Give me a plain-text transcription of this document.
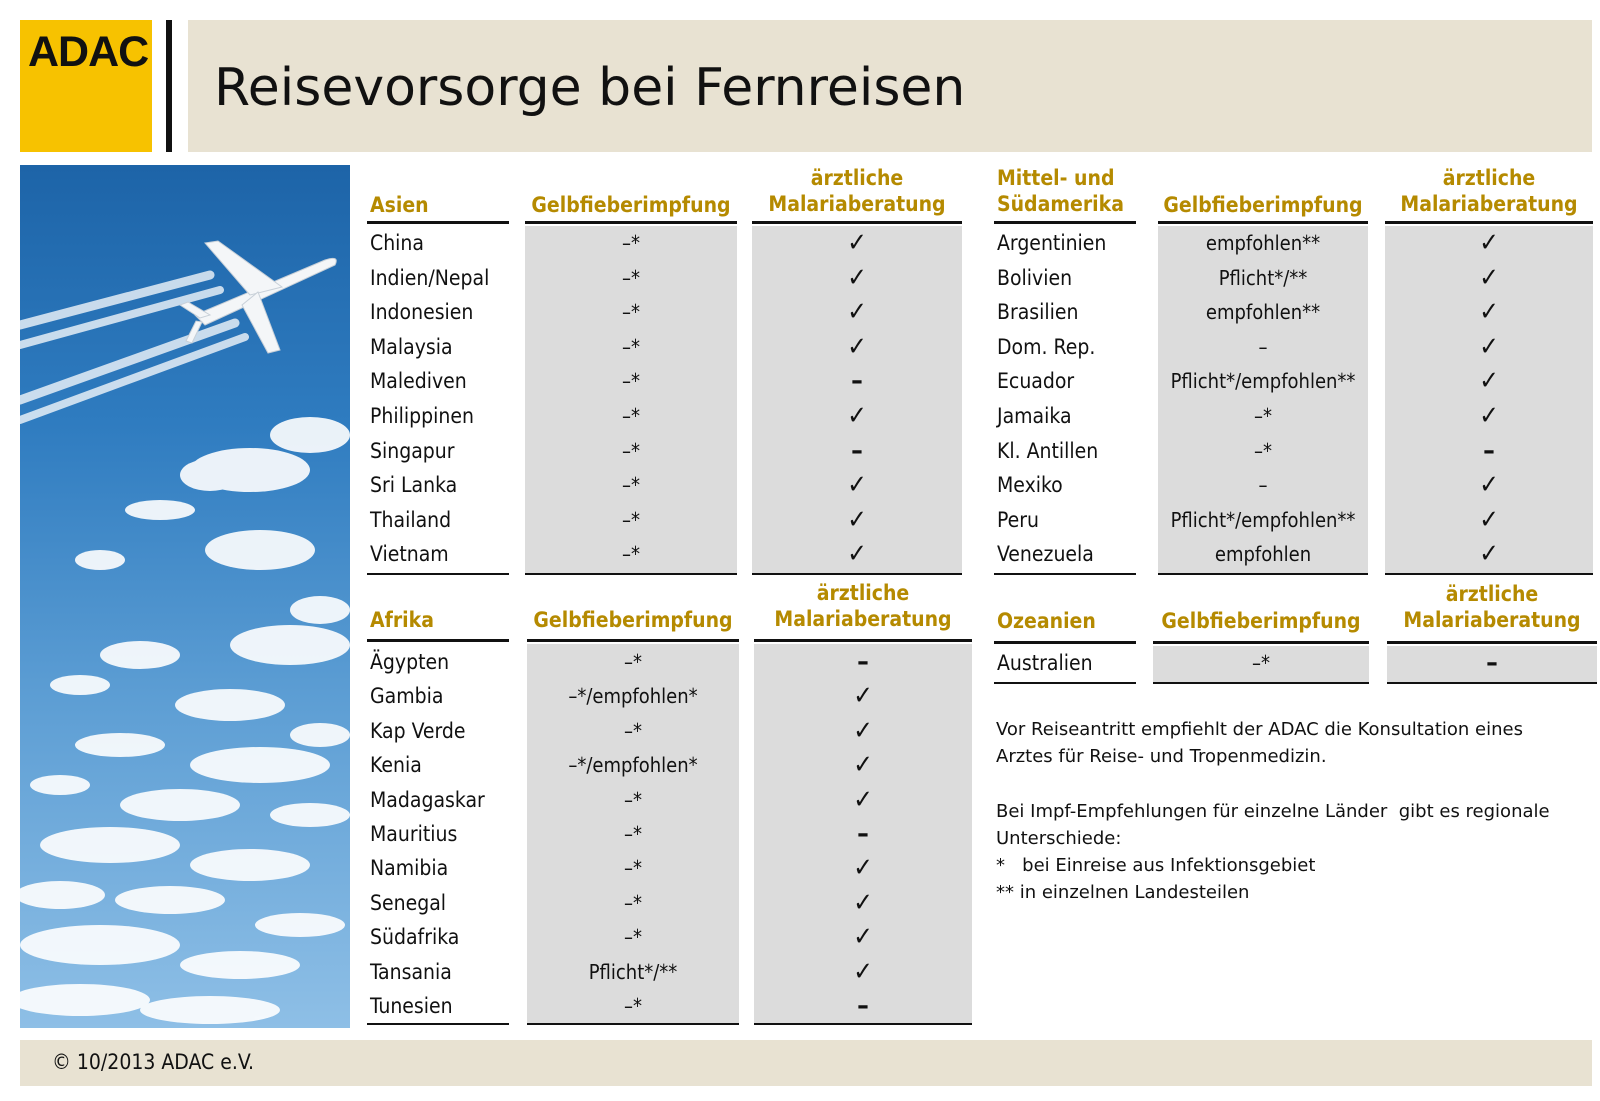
ADAC
Reisevorsorge bei Fernreisen
Asien	Gelbfieberimpfung
ärztliche
Malariaberatung
China	–*	✓
Indien/Nepal	–*	✓
Indonesien	–*	✓
Malaysia	–*	✓
Malediven	–*	–
Philippinen	–*	✓
Singapur	–*	–
Sri Lanka	–*	✓
Thailand	–*	✓
Vietnam	–*	✓
Mittel- und
Südamerika	Gelbfieberimpfung
ärztliche
Malariaberatung
Argentinien	empfohlen**	✓
Bolivien	Pflicht*/**	✓
Brasilien	empfohlen**	✓
Dom. Rep.	–	✓
Ecuador	Pflicht*/empfohlen**	✓
Jamaika	–*	✓
Kl. Antillen	–*	–
Mexiko	–	✓
Peru	Pflicht*/empfohlen**	✓
Venezuela	empfohlen	✓
Afrika	Gelbfieberimpfung
ärztliche
Malariaberatung
Ägypten	–*	–
Gambia	–*/empfohlen*	✓
Kap Verde	–*	✓
Kenia	–*/empfohlen*	✓
Madagaskar	–*	✓
Mauritius	–*	–
Namibia	–*	✓
Senegal	–*	✓
Südafrika	–*	✓
Tansania	Pflicht*/**	✓
Tunesien	–*	–
Ozeanien	Gelbfieberimpfung
ärztliche
Malariaberatung
Australien	–*	–

Vor Reiseantritt empfiehlt der ADAC die Konsultation eines Arztes für Reise- und Tropenmedizin.

Bei Impf-Empfehlungen für einzelne Länder  gibt es regionale Unterschiede:

*   bei Einreise aus Infektionsgebiet

** in einzelnen Landesteilen

© 10/2013 ADAC e.V.
